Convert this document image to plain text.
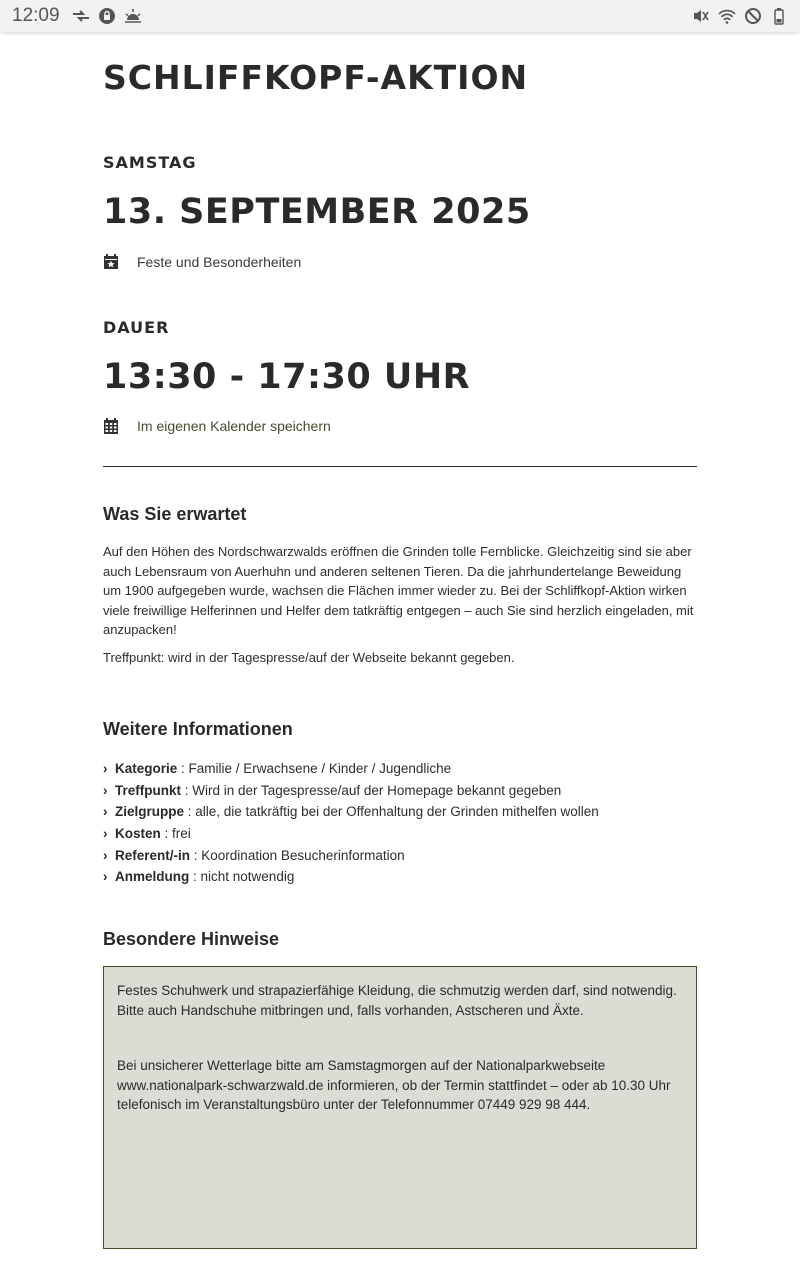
12:09
SCHLIFFKOPF-AKTION
SAMSTAG
13. SEPTEMBER 2025
Feste und Besonderheiten
DAUER
13:30 - 17:30 UHR
Im eigenen Kalender speichern
Was Sie erwartet

Auf den Höhen des Nordschwarzwalds eröffnen die Grinden tolle Fernblicke. Gleichzeitig sind sie aber auch Lebensraum von Auerhuhn und anderen seltenen Tieren. Da die jahrhundertelange Beweidung um 1900 aufgegeben wurde, wachsen die Flächen immer wieder zu. Bei der Schliffkopf-Aktion wirken viele freiwillige Helferinnen und Helfer dem tatkräftig entgegen – auch Sie sind herzlich eingeladen, mit anzupacken!

Treffpunkt: wird in der Tagespresse/auf der Webseite bekannt gegeben.

Weitere Informationen
› Kategorie : Familie / Erwachsene / Kinder / Jugendliche
› Treffpunkt : Wird in der Tagespresse/auf der Homepage bekannt gegeben
› Zielgruppe : alle, die tatkräftig bei der Offenhaltung der Grinden mithelfen wollen
› Kosten : frei
› Referent/-in : Koordination Besucherinformation
› Anmeldung : nicht notwendig
Besondere Hinweise

Festes Schuhwerk und strapazierfähige Kleidung, die schmutzig werden darf, sind notwendig. Bitte auch Handschuhe mitbringen und, falls vorhanden, Astscheren und Äxte.

Bei unsicherer Wetterlage bitte am Samstagmorgen auf der Nationalparkwebseite www.nationalpark-schwarzwald.de informieren, ob der Termin stattfindet – oder ab 10.30 Uhr telefonisch im Veranstaltungsbüro unter der Telefonnummer 07449 929 98 444.
